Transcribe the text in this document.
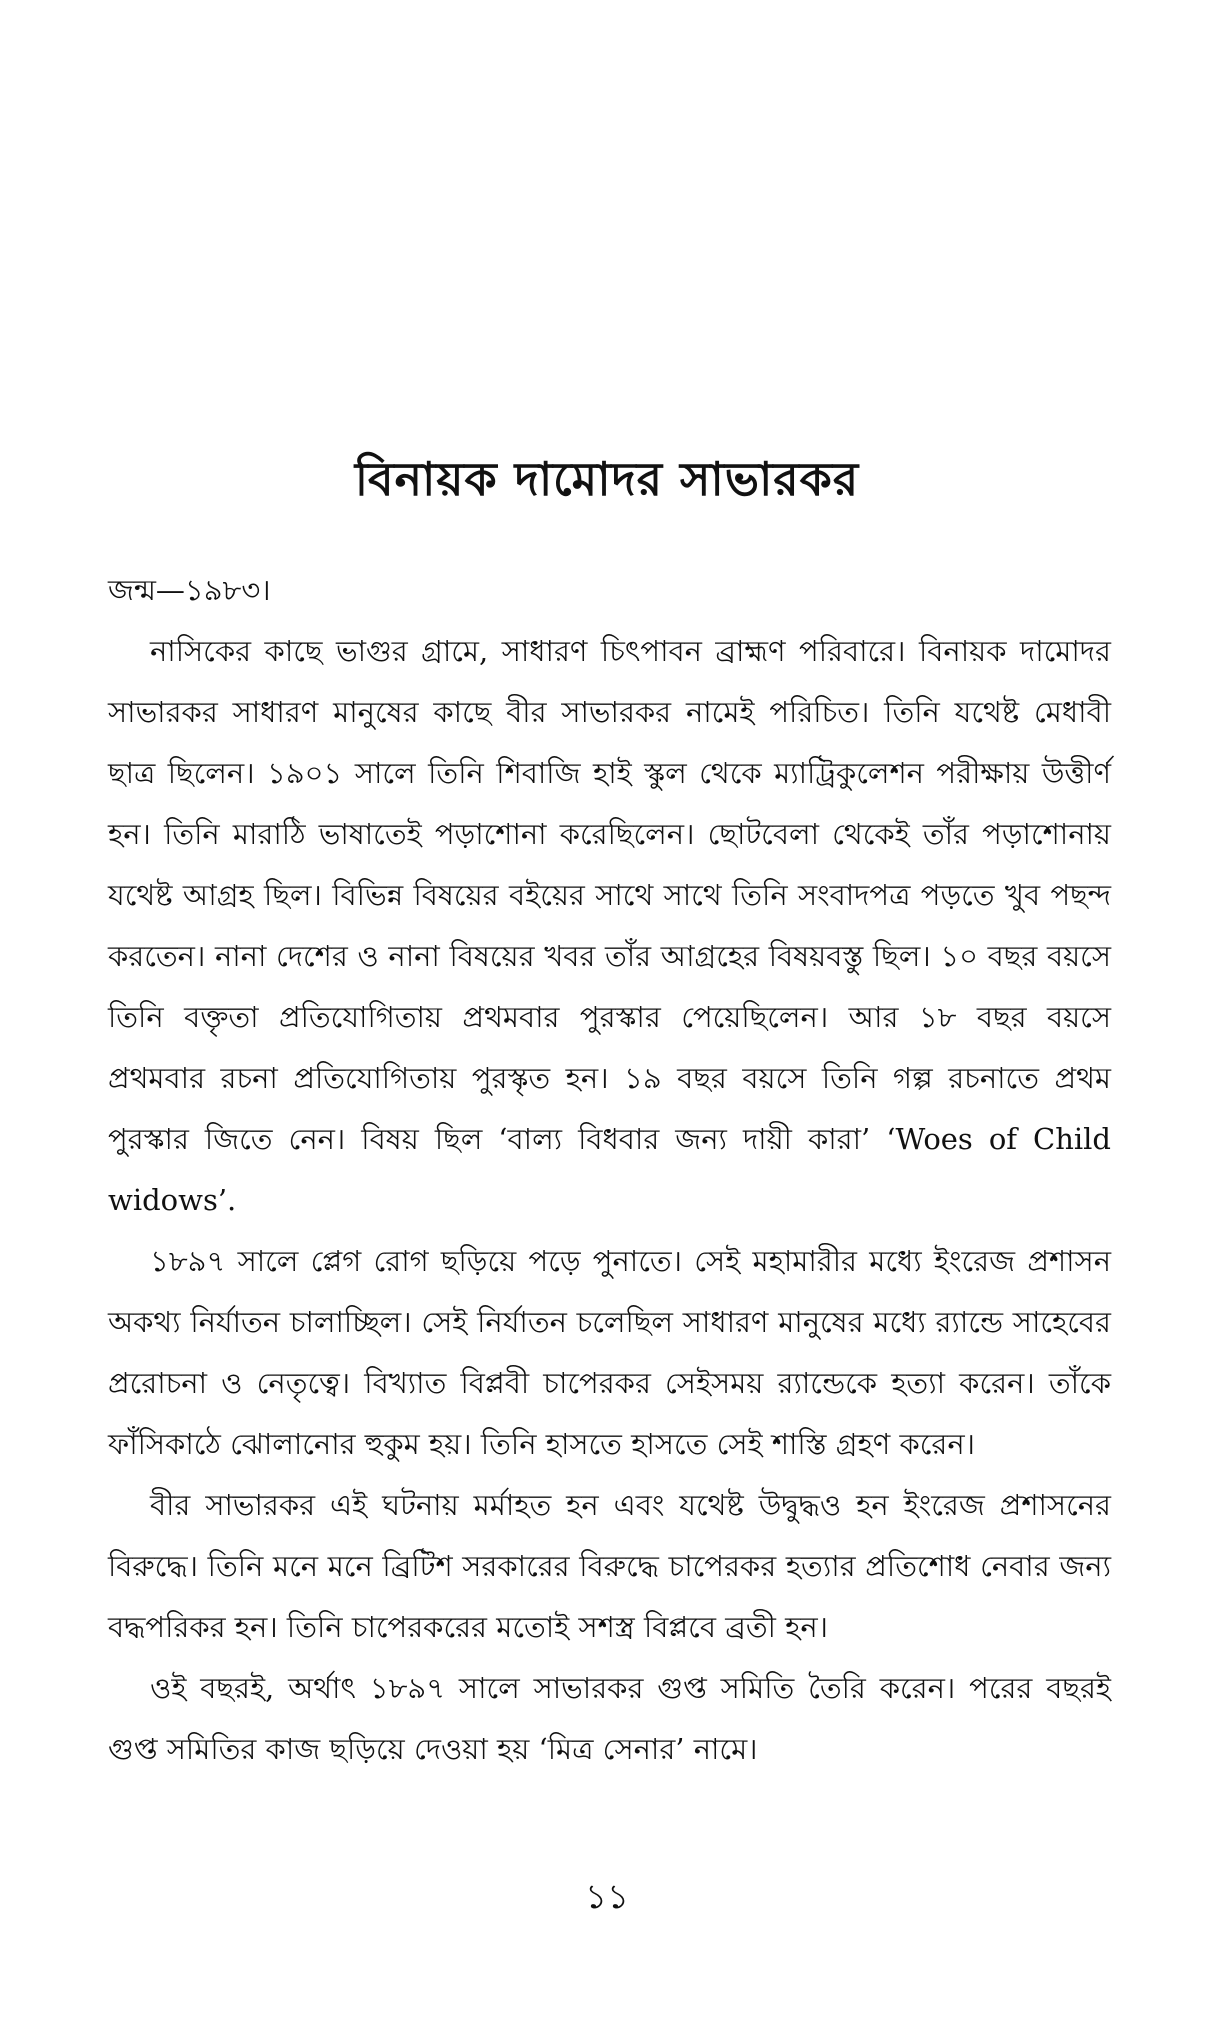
বিনায়ক দামোদর সাভারকর

জন্ম—১৯৮৩।

নাসিকের কাছে ভাগুর গ্রামে, সাধারণ চিৎপাবন ব্রাহ্মণ পরিবারে। বিনায়ক দামোদর সাভারকর সাধারণ মানুষের কাছে বীর সাভারকর নামেই পরিচিত। তিনি যথেষ্ট মেধাবী ছাত্র ছিলেন। ১৯০১ সালে তিনি শিবাজি হাই স্কুল থেকে ম্যাট্রিকুলেশন পরীক্ষায় উত্তীর্ণ হন। তিনি মারাঠি ভাষাতেই পড়াশোনা করেছিলেন। ছোটবেলা থেকেই তাঁর পড়াশোনায় যথেষ্ট আগ্রহ ছিল। বিভিন্ন বিষয়ের বইয়ের সাথে সাথে তিনি সংবাদপত্র পড়তে খুব পছন্দ করতেন। নানা দেশের ও নানা বিষয়ের খবর তাঁর আগ্রহের বিষয়বস্তু ছিল। ১০ বছর বয়সে তিনি বক্তৃতা প্রতিযোগিতায় প্রথমবার পুরস্কার পেয়েছিলেন। আর ১৮ বছর বয়সে প্রথমবার রচনা প্রতিযোগিতায় পুরস্কৃত হন। ১৯ বছর বয়সে তিনি গল্প রচনাতে প্রথম পুরস্কার জিতে নেন। বিষয় ছিল ‘বাল্য বিধবার জন্য দায়ী কারা’ ‘Woes of Child widows’.

১৮৯৭ সালে প্লেগ রোগ ছড়িয়ে পড়ে পুনাতে। সেই মহামারীর মধ্যে ইংরেজ প্রশাসন অকথ্য নির্যাতন চালাচ্ছিল। সেই নির্যাতন চলেছিল সাধারণ মানুষের মধ্যে র‍্যান্ডে সাহেবের প্ররোচনা ও নেতৃত্বে। বিখ্যাত বিপ্লবী চাপেরকর সেইসময় র‍্যান্ডেকে হত্যা করেন। তাঁকে ফাঁসিকাঠে ঝোলানোর হুকুম হয়। তিনি হাসতে হাসতে সেই শাস্তি গ্রহণ করেন।

বীর সাভারকর এই ঘটনায় মর্মাহত হন এবং যথেষ্ট উদ্বুদ্ধও হন ইংরেজ প্রশাসনের বিরুদ্ধে। তিনি মনে মনে ব্রিটিশ সরকারের বিরুদ্ধে চাপেরকর হত্যার প্রতিশোধ নেবার জন্য বদ্ধপরিকর হন। তিনি চাপেরকরের মতোই সশস্ত্র বিপ্লবে ব্রতী হন।

ওই বছরই, অর্থাৎ ১৮৯৭ সালে সাভারকর গুপ্ত সমিতি তৈরি করেন। পরের বছরই গুপ্ত সমিতির কাজ ছড়িয়ে দেওয়া হয় ‘মিত্র সেনার’ নামে।

১১
